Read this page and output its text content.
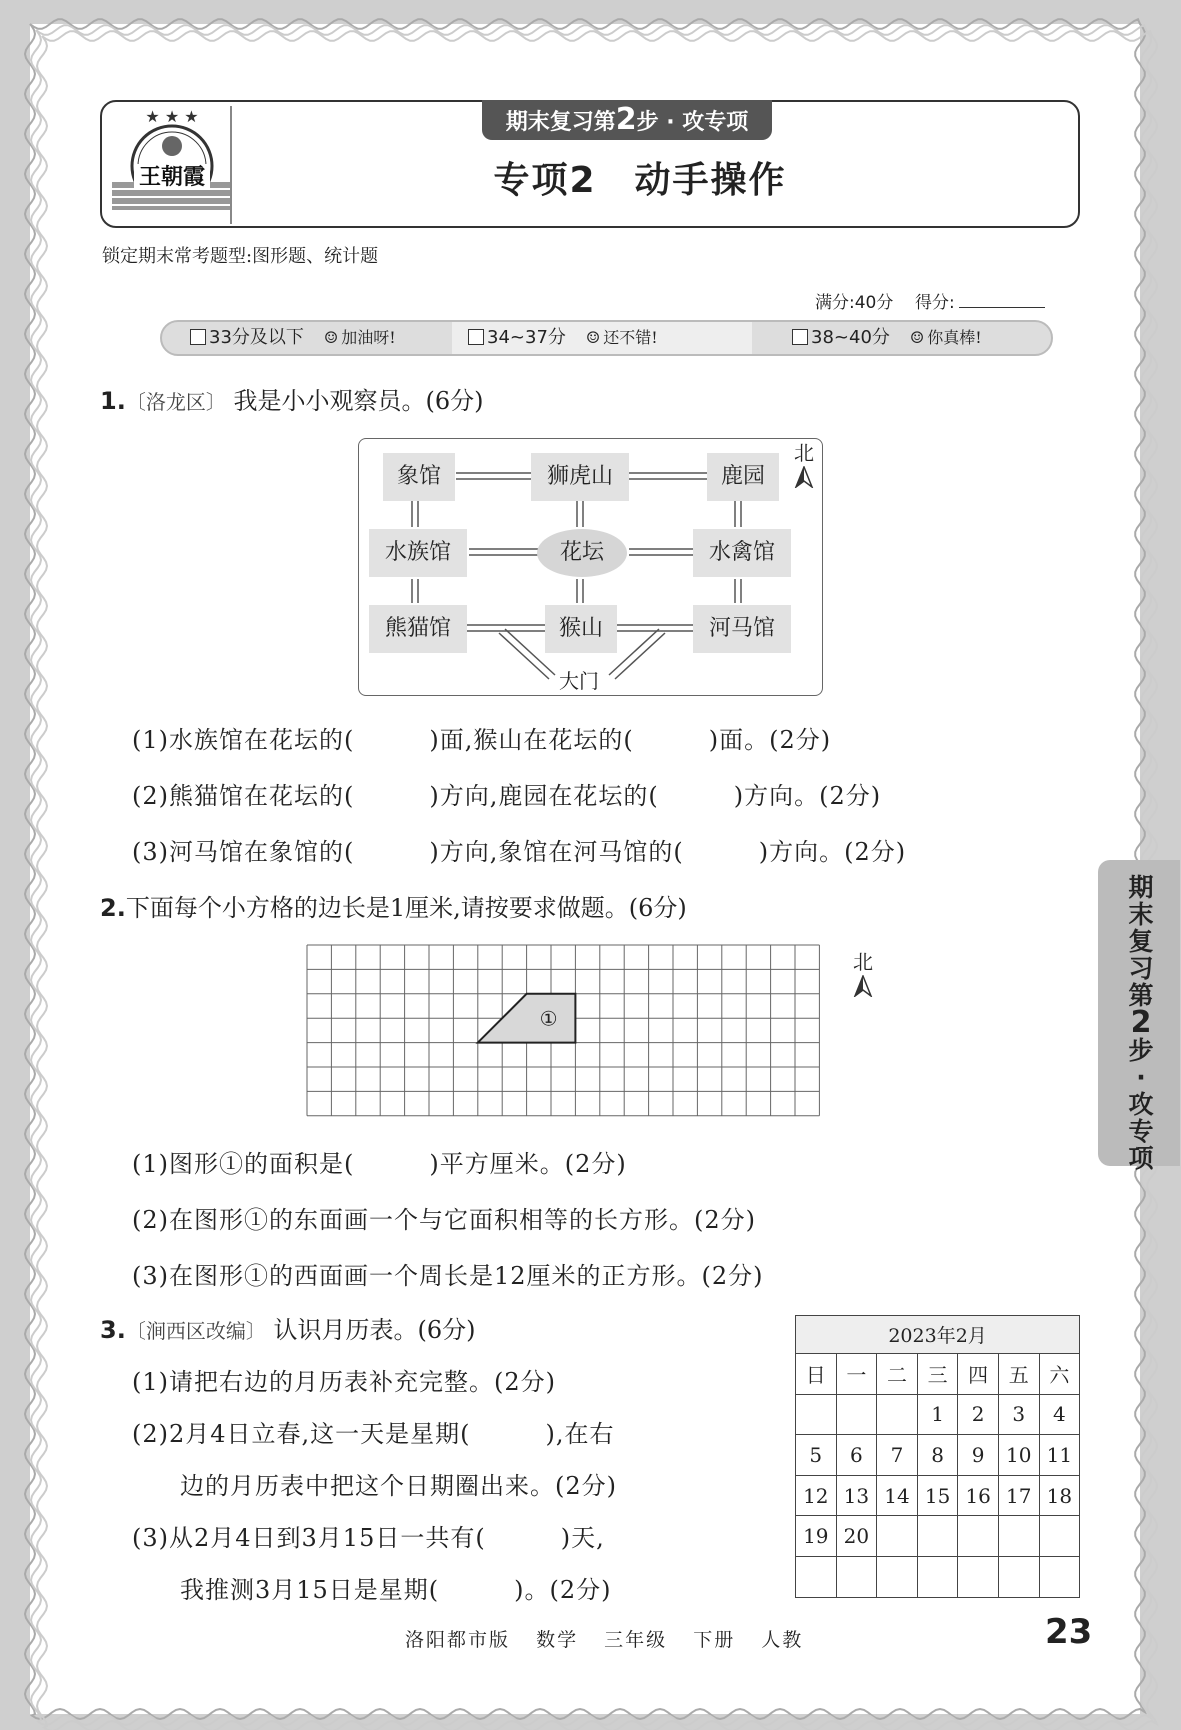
★ ★ ★
王朝霞
期末复习第2步 · 攻专项
专项2　动手操作
锁定期末常考题型:图形题、统计题
满分:40分 得分:
33分及以下 ☺ 加油呀!	34~37分 ☺ 还不错!	38~40分 ☺ 你真棒!
1.〔洛龙区〕 我是小小观察员。(6分)
象馆	狮虎山	鹿园
水族馆	花坛	水禽馆
熊猫馆	猴山	河马馆
大门
北
(1)水族馆在花坛的(　　　)面,猴山在花坛的(　　　)面。(2分)
(2)熊猫馆在花坛的(　　　)方向,鹿园在花坛的(　　　)方向。(2分)
(3)河马馆在象馆的(　　　)方向,象馆在河马馆的(　　　)方向。(2分)
2.下面每个小方格的边长是1厘米,请按要求做题。(6分)
①
北
(1)图形①的面积是(　　　)平方厘米。(2分)
(2)在图形①的东面画一个与它面积相等的长方形。(2分)
(3)在图形①的西面画一个周长是12厘米的正方形。(2分)
3.〔涧西区改编〕 认识月历表。(6分)
(1)请把右边的月历表补充完整。(2分)
(2)2月4日立春,这一天是星期(　　　),在右
边的月历表中把这个日期圈出来。(2分)
(3)从2月4日到3月15日一共有(　　　)天,
我推测3月15日是星期(　　　)。(2分)
2023年2月						
日	一	二	三	四	五	六
			1	2	3	4
5	6	7	8	9	10	11
12	13	14	15	16	17	18
19	20					

期末复习第2步·攻专项
洛阳都市版 数学 三年级 下册 人教	23
